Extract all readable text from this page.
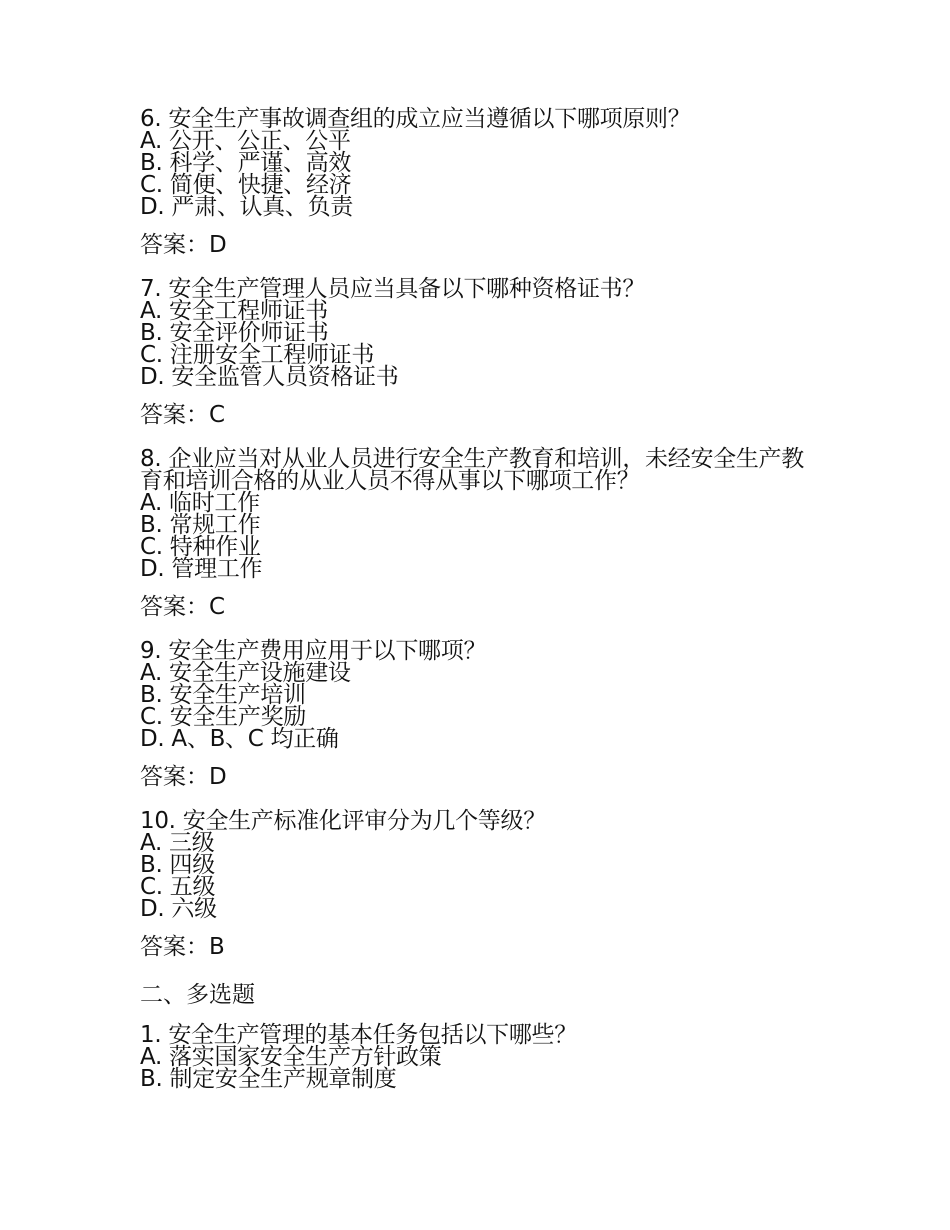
6. 安全生产事故调查组的成立应当遵循以下哪项原则？

A. 公开、公正、公平

B. 科学、严谨、高效

C. 简便、快捷、经济

D. 严肃、认真、负责

答案：D

7. 安全生产管理人员应当具备以下哪种资格证书？

A. 安全工程师证书

B. 安全评价师证书

C. 注册安全工程师证书

D. 安全监管人员资格证书

答案：C

8. 企业应当对从业人员进行安全生产教育和培训，未经安全生产教育和培训合格的从业人员不得从事以下哪项工作？

A. 临时工作

B. 常规工作

C. 特种作业

D. 管理工作

答案：C

9. 安全生产费用应用于以下哪项？

A. 安全生产设施建设

B. 安全生产培训

C. 安全生产奖励

D. A、B、C 均正确

答案：D

10. 安全生产标准化评审分为几个等级？

A. 三级

B. 四级

C. 五级

D. 六级

答案：B

二、多选题

1. 安全生产管理的基本任务包括以下哪些？

A. 落实国家安全生产方针政策

B. 制定安全生产规章制度
